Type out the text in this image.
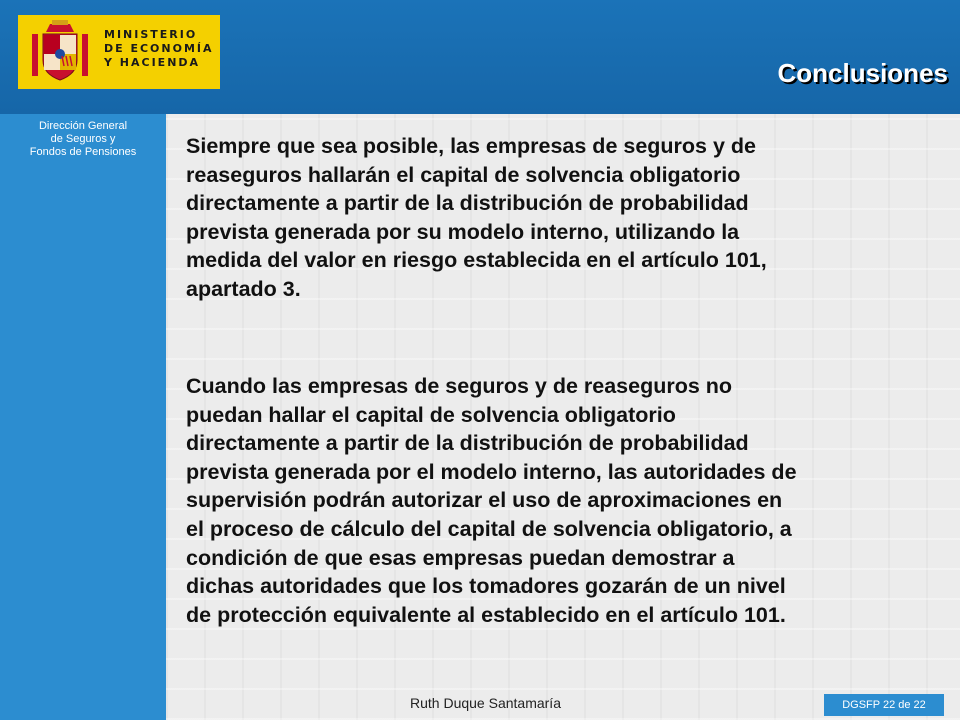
MINISTERIO
DE ECONOMÍA
Y HACIENDA
Dirección General
de Seguros y
Fondos de Pensiones
Conclusiones
Siempre que sea posible, las empresas de seguros y de
reaseguros hallarán el capital de solvencia obligatorio
directamente a partir de la distribución de probabilidad
prevista generada por su modelo interno, utilizando la
medida del valor en riesgo establecida en el artículo 101,
apartado 3.
Cuando las empresas de seguros y de reaseguros no
puedan hallar el capital de solvencia obligatorio
directamente a partir de la distribución de probabilidad
prevista generada por el modelo interno, las autoridades de
supervisión podrán autorizar el uso de aproximaciones en
el proceso de cálculo del capital de solvencia obligatorio, a
condición de que esas empresas puedan demostrar a
dichas autoridades que los tomadores gozarán de un nivel
de protección equivalente al establecido en el artículo 101.
Ruth Duque Santamaría	DGSFP 22 de 22
